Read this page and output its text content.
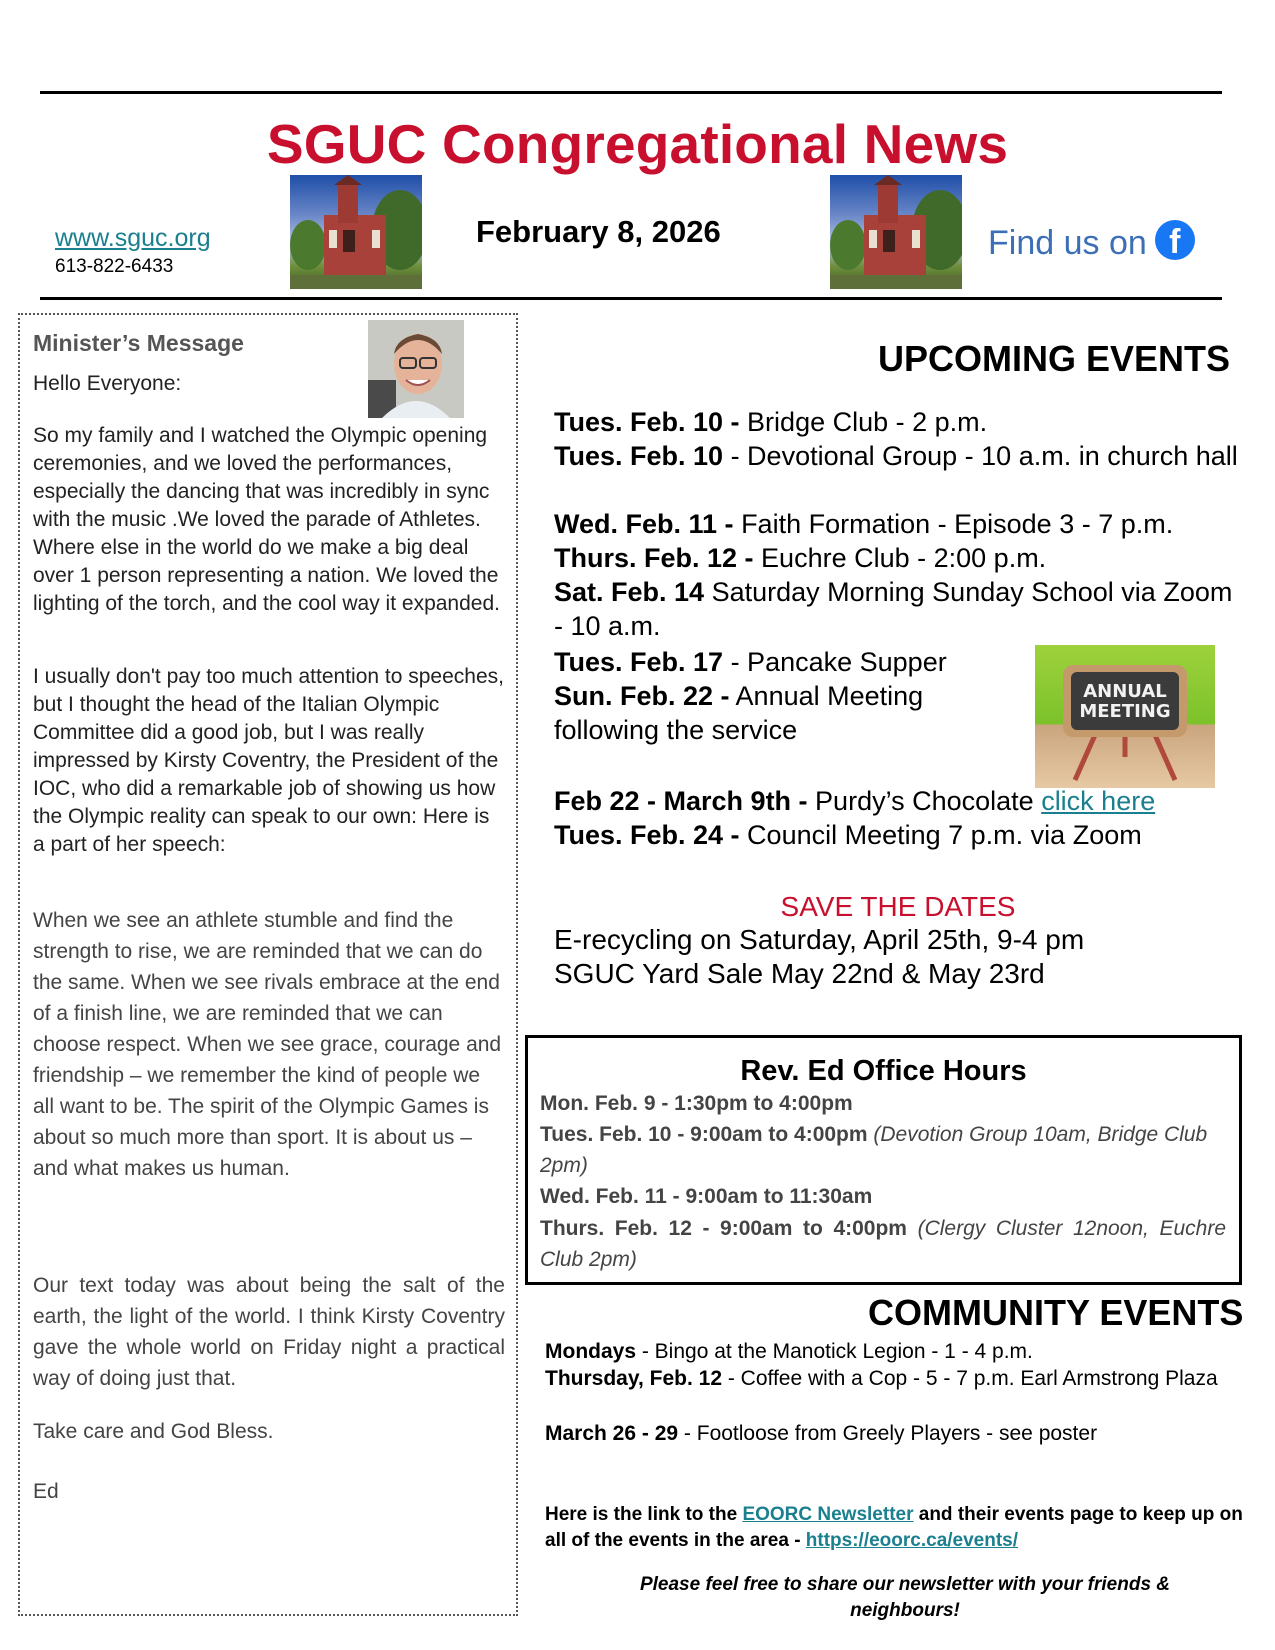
SGUC Congregational News
www.sguc.org
613-822-6433
February 8, 2026	Find us on f
Minister’s Message
Hello Everyone:
So my family and I watched the Olympic opening ceremonies, and we loved the performances, especially the dancing that was incredibly in sync with the music .We loved the parade of Athletes. Where else in the world do we make a big deal over 1 person representing a nation. We loved the lighting of the torch, and the cool way it expanded.
I usually don't pay too much attention to speeches, but I thought the head of the Italian Olympic Committee did a good job, but I was really impressed by Kirsty Coventry, the President of the IOC, who did a remarkable job of showing us how the Olympic reality can speak to our own: Here is a part of her speech:
When we see an athlete stumble and find the strength to rise, we are reminded that we can do the same. When we see rivals embrace at the end of a finish line, we are reminded that we can choose respect. When we see grace, courage and friendship – we remember the kind of people we all want to be. The spirit of the Olympic Games is about so much more than sport. It is about us – and what makes us human.
Our text today was about being the salt of the earth, the light of the world. I think Kirsty Coventry gave the whole world on Friday night a practical way of doing just that.
Take care and God Bless.
Ed
UPCOMING EVENTS
Tues. Feb. 10 - Bridge Club - 2 p.m.
Tues. Feb. 10 - Devotional Group - 10 a.m. in church hall
Wed. Feb. 11 - Faith Formation - Episode 3 - 7 p.m.
Thurs. Feb. 12 - Euchre Club - 2:00 p.m.
Sat. Feb. 14 Saturday Morning Sunday School via Zoom - 10 a.m.
Tues. Feb. 17 - Pancake Supper
Sun. Feb. 22 - Annual Meeting following the service
ANNUAL
MEETING
Feb 22 - March 9th - Purdy’s Chocolate click here
Tues. Feb. 24 - Council Meeting 7 p.m. via Zoom
SAVE THE DATES
E-recycling on Saturday, April 25th, 9-4 pm
SGUC Yard Sale May 22nd & May 23rd
Rev. Ed Office Hours
Mon. Feb. 9 - 1:30pm to 4:00pm
Tues. Feb. 10 - 9:00am to 4:00pm (Devotion Group 10am, Bridge Club 2pm)
Wed. Feb. 11 - 9:00am to 11:30am
Thurs. Feb. 12 - 9:00am to 4:00pm (Clergy Cluster 12noon, Euchre Club 2pm)
COMMUNITY EVENTS
Mondays - Bingo at the Manotick Legion - 1 - 4 p.m.
Thursday, Feb. 12 - Coffee with a Cop - 5 - 7 p.m. Earl Armstrong Plaza
March 26 - 29 - Footloose from Greely Players - see poster
Here is the link to the EOORC Newsletter and their events page to keep up on all of the events in the area - https://eoorc.ca/events/
Please feel free to share our newsletter with your friends & neighbours!
